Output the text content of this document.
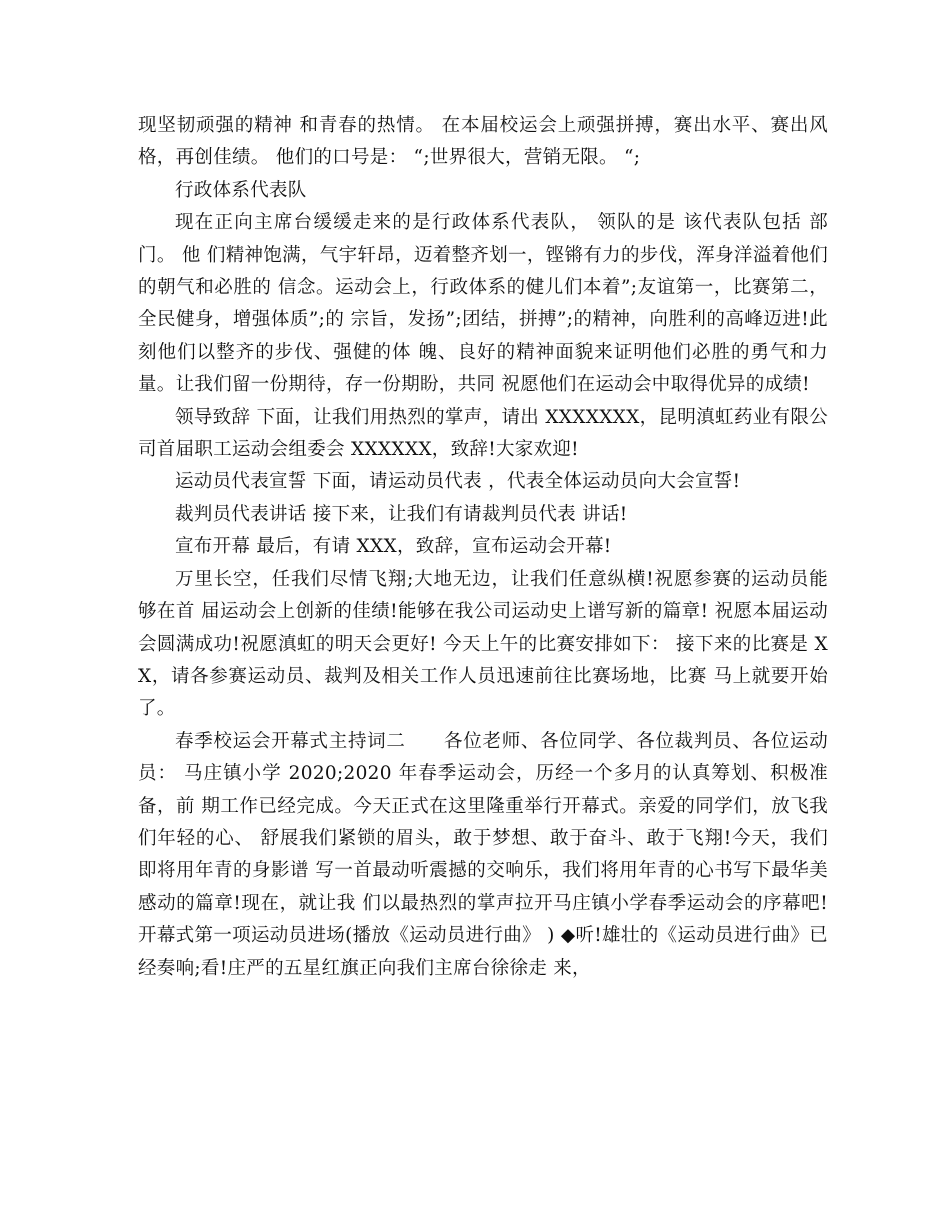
现坚韧顽强的精神 和青春的热情。 在本届校运会上顽强拼搏，赛出水平、赛出风格，再创佳绩。 他们的口号是： “;世界很大，营销无限。 “;

行政体系代表队

现在正向主席台缓缓走来的是行政体系代表队， 领队的是 该代表队包括 部门。 他 们精神饱满，气宇轩昂，迈着整齐划一，铿锵有力的步伐，浑身洋溢着他们的朝气和必胜的 信念。运动会上，行政体系的健儿们本着”;友谊第一，比赛第二，全民健身，增强体质”;的 宗旨，发扬”;团结，拼搏”;的精神，向胜利的高峰迈进!此刻他们以整齐的步伐、强健的体 魄、良好的精神面貌来证明他们必胜的勇气和力量。让我们留一份期待，存一份期盼，共同 祝愿他们在运动会中取得优异的成绩!

领导致辞 下面，让我们用热烈的掌声，请出 XXXXXXX，昆明滇虹药业有限公司首届职工运动会组委会 XXXXXX，致辞!大家欢迎!

运动员代表宣誓 下面，请运动员代表 ，代表全体运动员向大会宣誓!

裁判员代表讲话 接下来，让我们有请裁判员代表 讲话!

宣布开幕 最后，有请 XXX，致辞，宣布运动会开幕!

万里长空，任我们尽情飞翔;大地无边，让我们任意纵横!祝愿参赛的运动员能够在首 届运动会上创新的佳绩!能够在我公司运动史上谱写新的篇章! 祝愿本届运动会圆满成功!祝愿滇虹的明天会更好! 今天上午的比赛安排如下： 接下来的比赛是 XX，请各参赛运动员、裁判及相关工作人员迅速前往比赛场地，比赛 马上就要开始了。

春季校运会开幕式主持词二　　各位老师、各位同学、各位裁判员、各位运动员： 马庄镇小学 2020;2020 年春季运动会，历经一个多月的认真筹划、积极准备，前 期工作已经完成。今天正式在这里隆重举行开幕式。亲爱的同学们，放飞我们年轻的心、 舒展我们紧锁的眉头，敢于梦想、敢于奋斗、敢于飞翔!今天，我们即将用年青的身影谱 写一首最动听震撼的交响乐，我们将用年青的心书写下最华美感动的篇章!现在，就让我 们以最热烈的掌声拉开马庄镇小学春季运动会的序幕吧! 开幕式第一项运动员进场(播放《运动员进行曲》 ) ◆听!雄壮的《运动员进行曲》已经奏响;看!庄严的五星红旗正向我们主席台徐徐走 来，
